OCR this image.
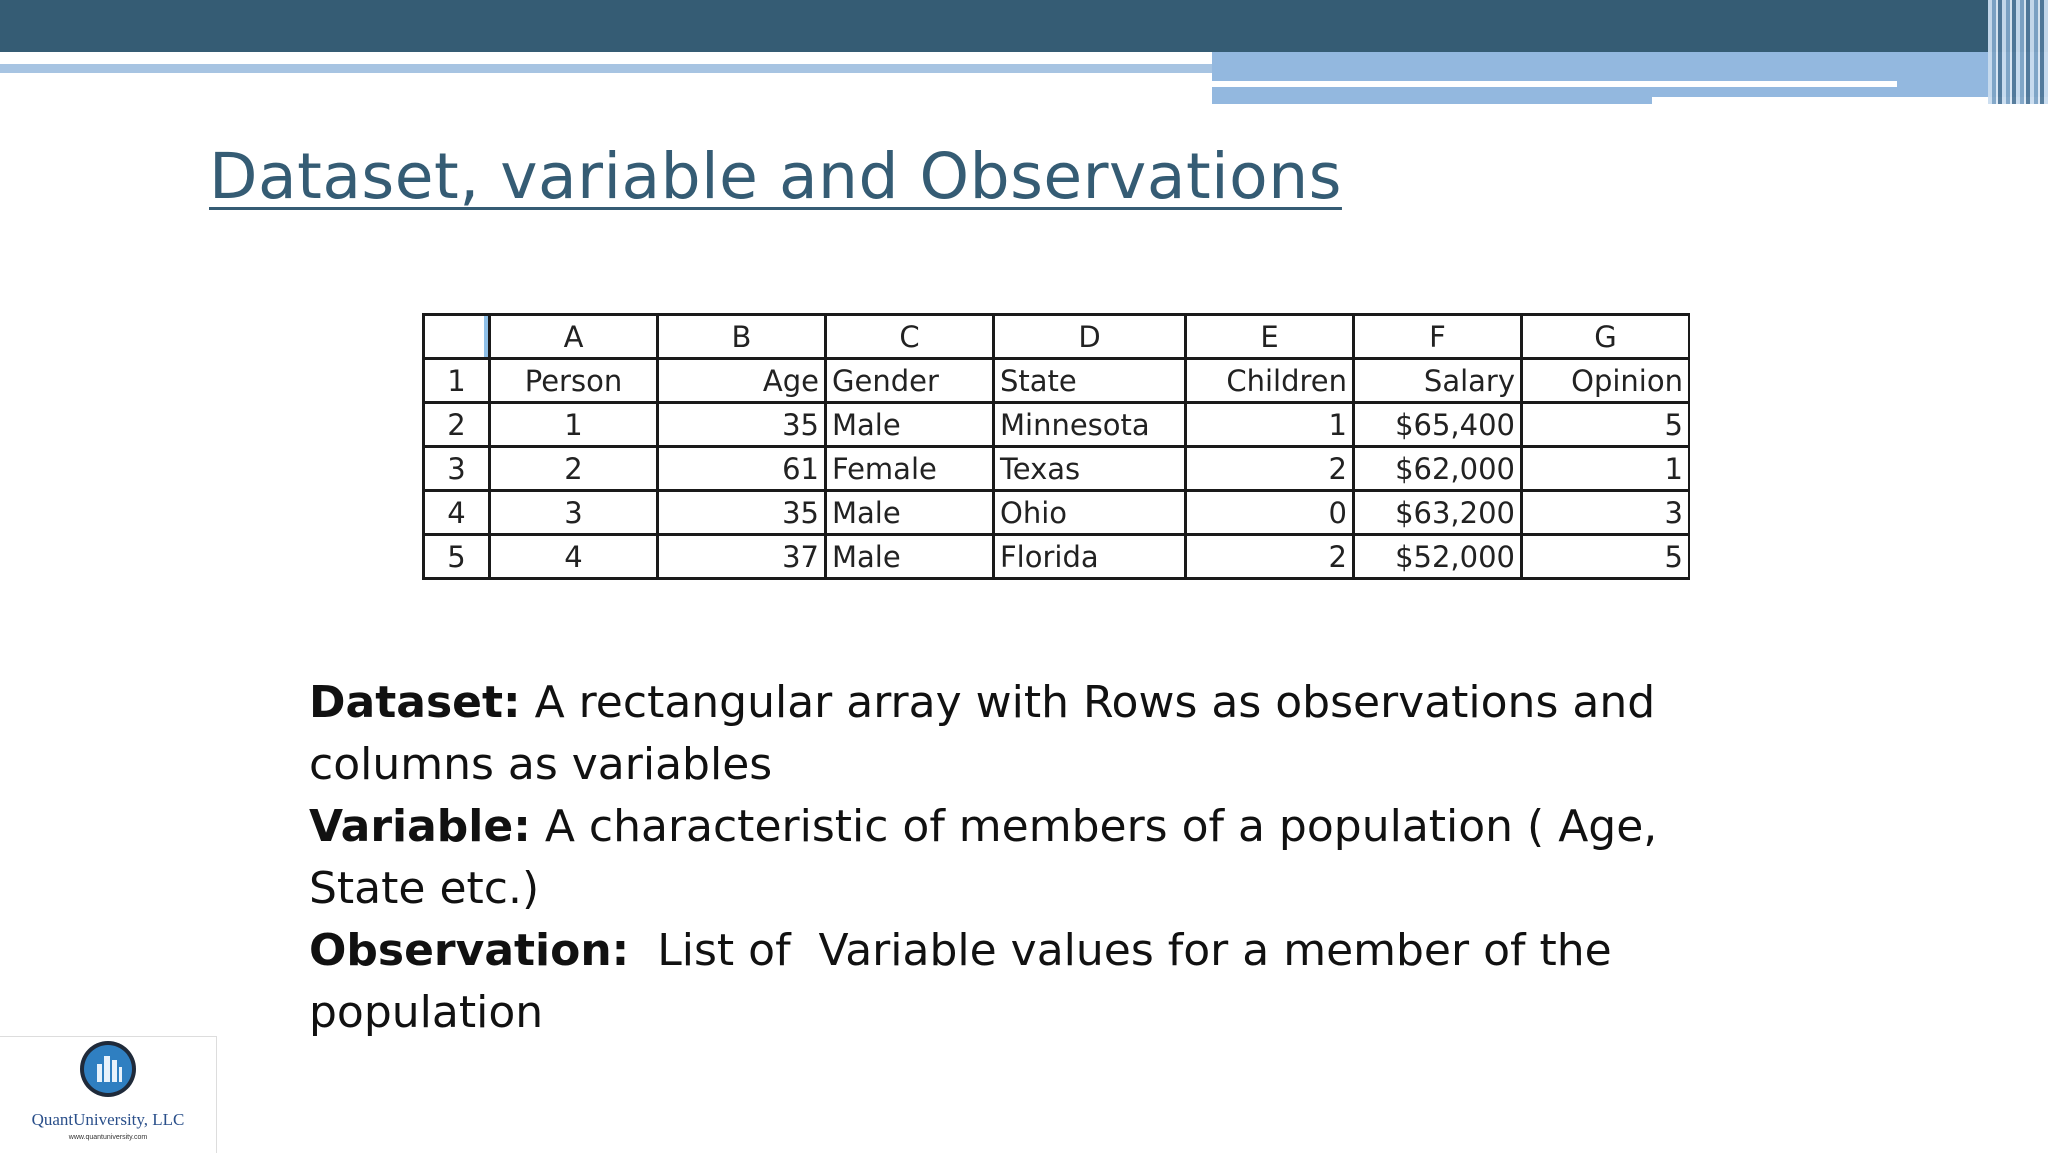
Dataset, variable and Observations
	A	B	C	D	E	F	G
1	Person	Age	Gender	State	Children	Salary	Opinion
2	1	35	Male	Minnesota	1	$65,400	5
3	2	61	Female	Texas	2	$62,000	1
4	3	35	Male	Ohio	0	$63,200	3
5	4	37	Male	Florida	2	$52,000	5

Dataset: A rectangular array with Rows as observations and columns as variables

Variable: A characteristic of members of a population ( Age, State etc.)

Observation:  List of  Variable values for a member of the population

QuantUniversity, LLC
www.quantuniversity.com
